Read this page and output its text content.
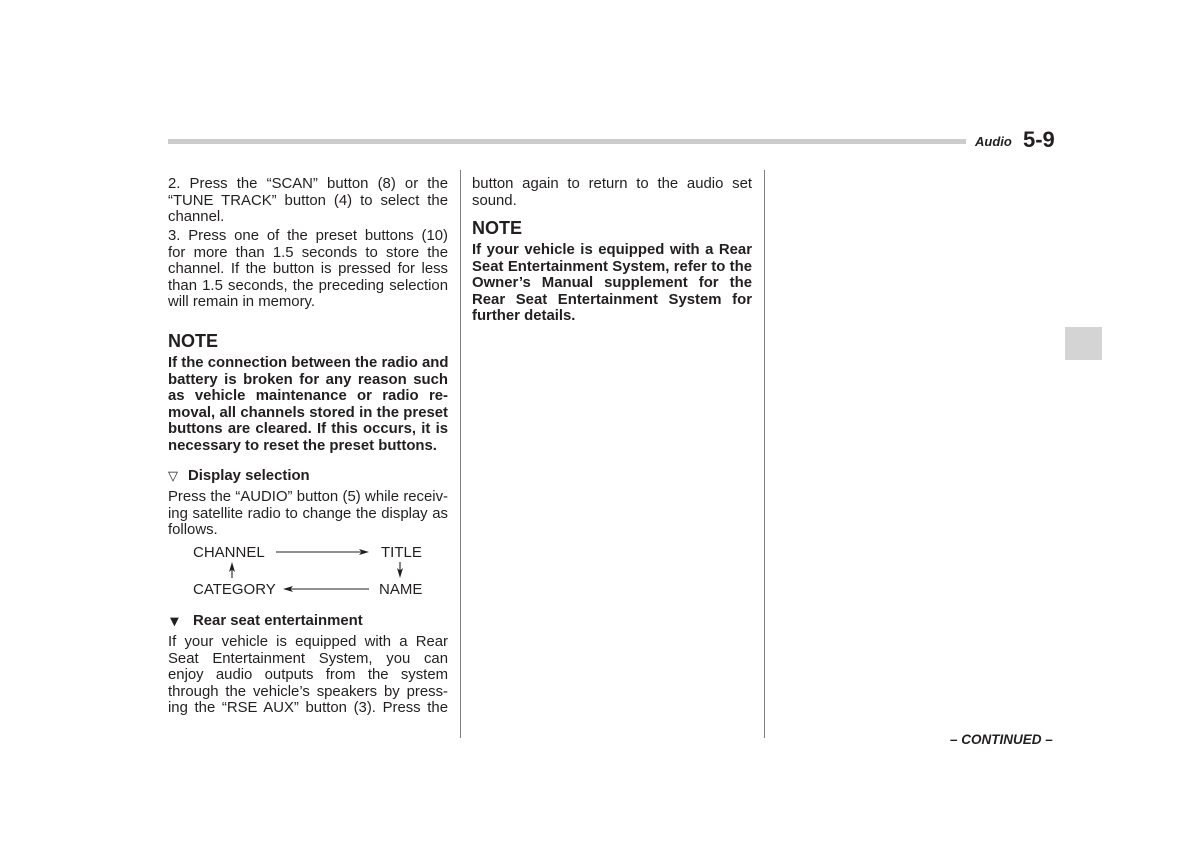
Audio 5-9
2. Press the “SCAN” button (8) or the
“TUNE TRACK” button (4) to select the
channel.
3. Press one of the preset buttons (10)
for more than 1.5 seconds to store the
channel. If the button is pressed for less
than 1.5 seconds, the preceding selection
will remain in memory.
NOTE
If the connection between the radio and
battery is broken for any reason such
as vehicle maintenance or radio re-
moval, all channels stored in the preset
buttons are cleared. If this occurs, it is
necessary to reset the preset buttons.
▽ Display selection
Press the “AUDIO” button (5) while receiv-
ing satellite radio to change the display as
follows.
CHANNEL	TITLE
CATEGORY	NAME
▼ Rear seat entertainment
If your vehicle is equipped with a Rear
Seat Entertainment System, you can
enjoy audio outputs from the system
through the vehicle’s speakers by press-
ing the “RSE AUX” button (3). Press the
button again to return to the audio set
sound.
NOTE
If your vehicle is equipped with a Rear
Seat Entertainment System, refer to the
Owner’s Manual supplement for the
Rear Seat Entertainment System for
further details.
– CONTINUED –
